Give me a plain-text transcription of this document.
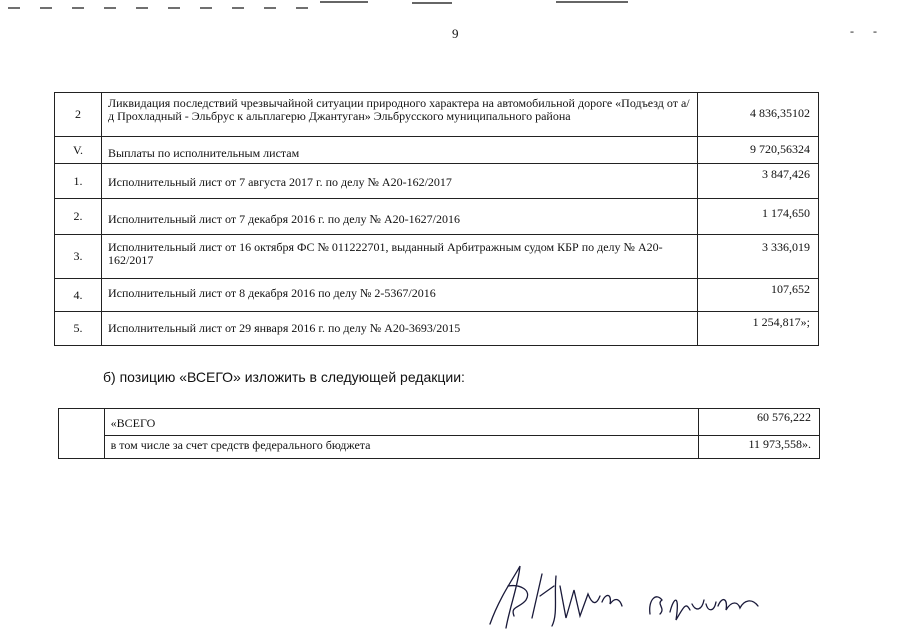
9	- -
2	Ликвидация последствий чрезвычайной ситуации природного характера на автомобильной дороге «Подъезд от а/д Прохладный - Эльбрус к альплагерю Джантуган» Эльбрусского муниципального района	4 836,35102
V.	Выплаты по исполнительным листам	9 720,56324
1.	Исполнительный лист от 7 августа 2017 г. по делу № А20-162/2017	3 847,426
2.	Исполнительный лист от 7 декабря 2016 г. по делу № А20-1627/2016	1 174,650
3.	Исполнительный лист от 16 октября ФС № 011222701, выданный Арбитражным судом КБР по делу № А20-162/2017	3 336,019
4.	Исполнительный лист от 8 декабря 2016 по делу № 2-5367/2016	107,652
5.	Исполнительный лист от 29 января 2016 г. по делу № А20-3693/2015	1 254,817»;
б) позицию «ВСЕГО» изложить в следующей редакции:
	«ВСЕГО	60 576,222
	в том числе за счет средств федерального бюджета	11 973,558».
